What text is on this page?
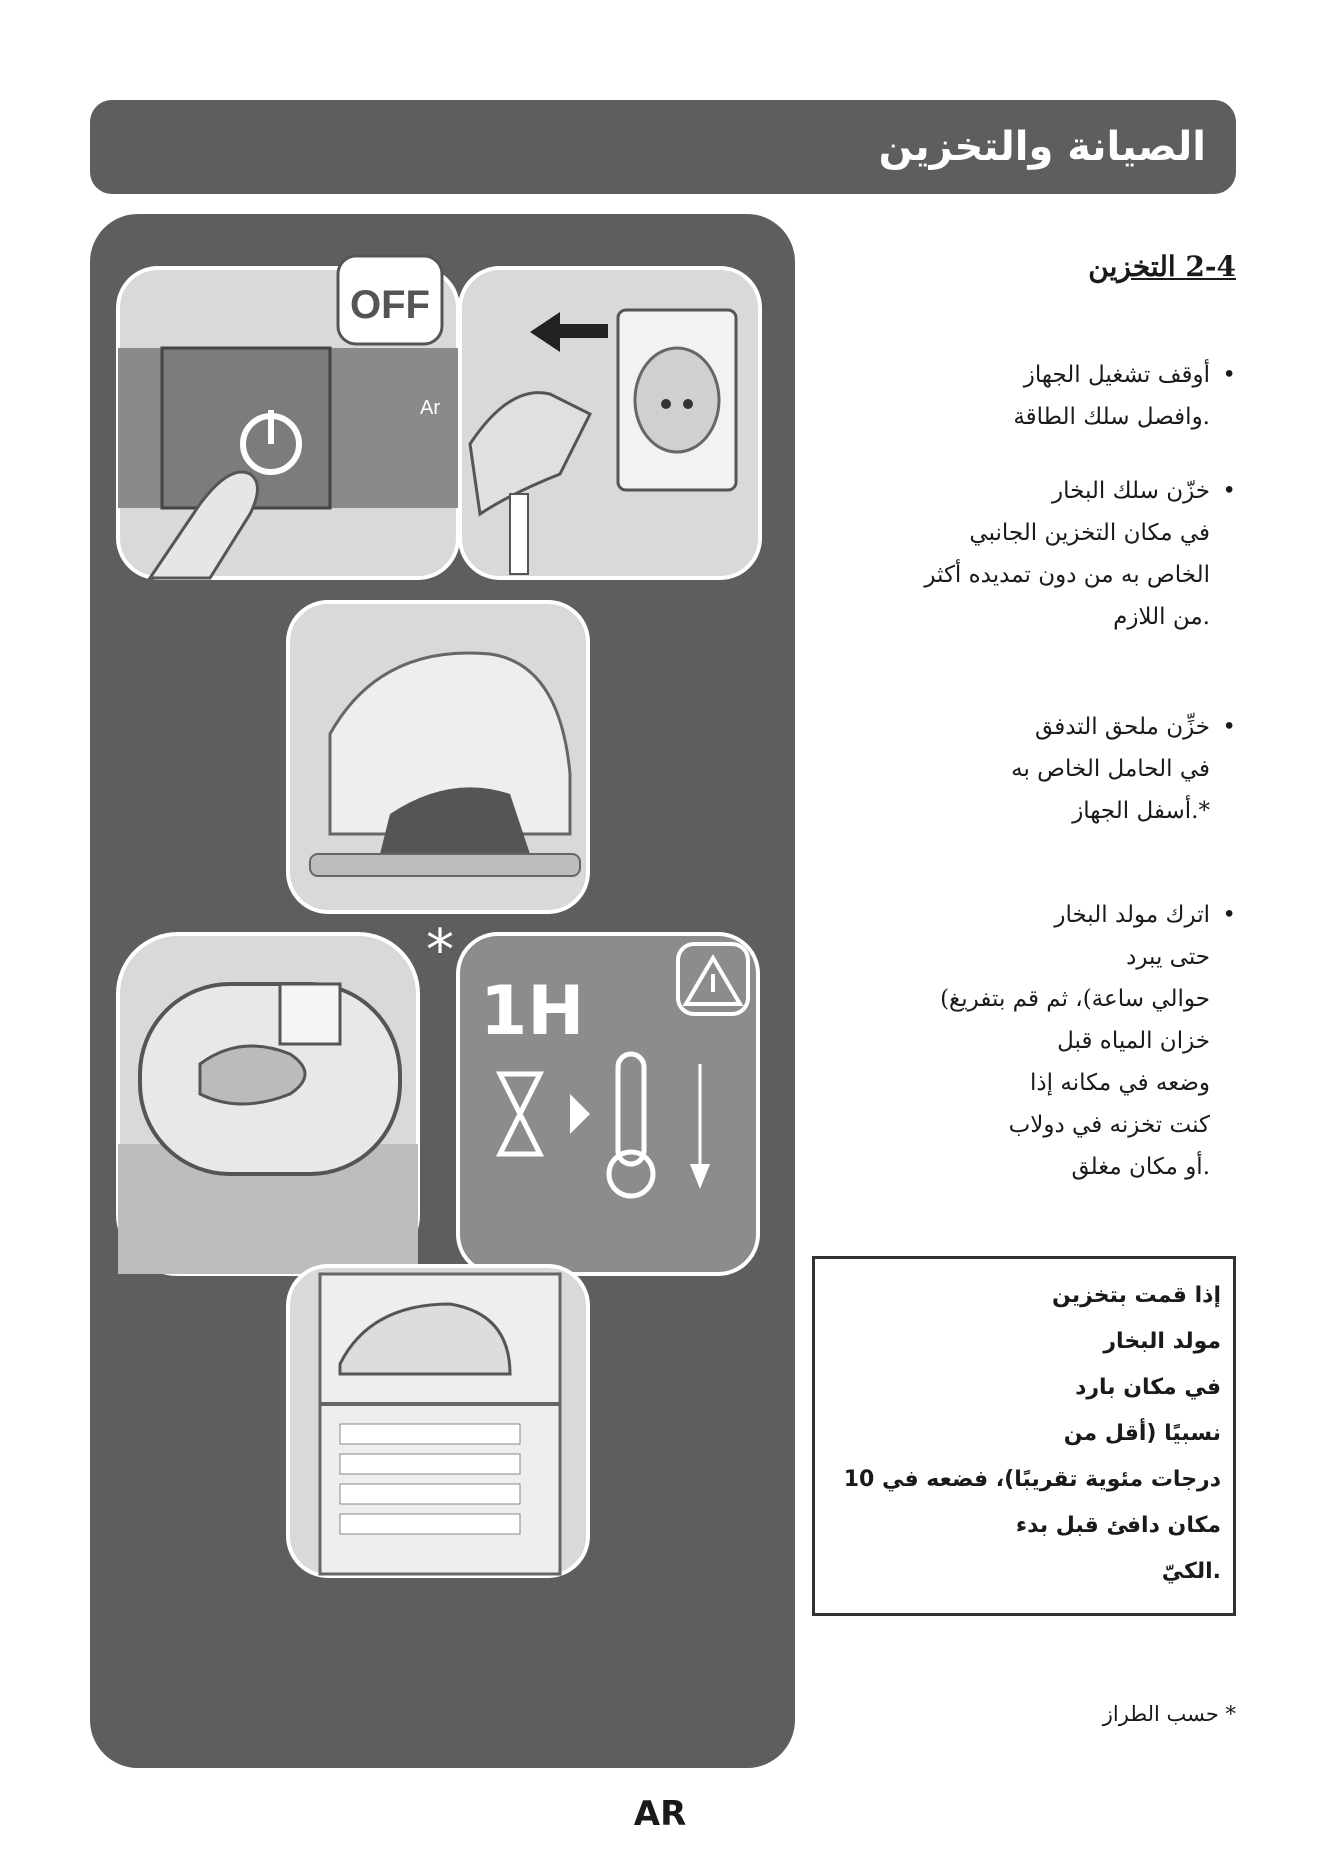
الصيانة والتخزين
OFF
Ar
*
1H
2-4 التخزين
•
أوقف تشغيل الجهاز
.وافصل سلك الطاقة
•
خزّن سلك البخار
في مكان التخزين الجانبي
الخاص به من دون تمديده أكثر
.من اللازم
•
خزِّن ملحق التدفق
في الحامل الخاص به
*.أسفل الجهاز
•
اترك مولد البخار
حتى يبرد
حوالي ساعة)، ثم قم بتفريغ)
خزان المياه قبل
وضعه في مكانه إذا
كنت تخزنه في دولاب
.أو مكان مغلق
إذا قمت بتخزين
مولد البخار
في مكان بارد
نسبيًا (أقل من
درجات مئوية تقريبًا)، فضعه في 10
مكان دافئ قبل بدء
.الكيّ
* حسب الطراز
AR
